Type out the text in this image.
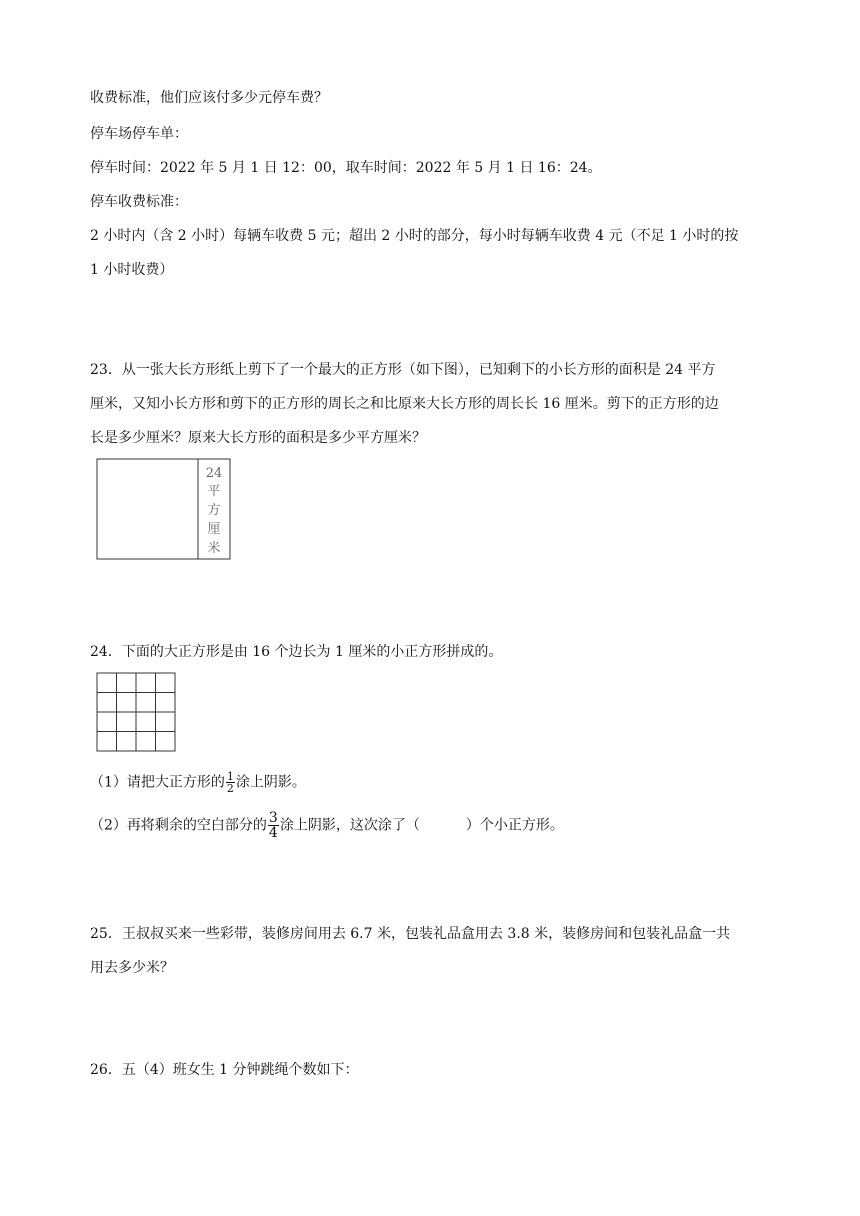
收费标准，他们应该付多少元停车费？
停车场停车单：
停车时间：2022 年 5 月 1 日 12：00，取车时间：2022 年 5 月 1 日 16：24。
停车收费标准：
2 小时内（含 2 小时）每辆车收费 5 元；超出 2 小时的部分，每小时每辆车收费 4 元（不足 1 小时的按
1 小时收费）
23．从一张大长方形纸上剪下了一个最大的正方形（如下图），已知剩下的小长方形的面积是 24 平方
厘米，又知小长方形和剪下的正方形的周长之和比原来大长方形的周长长 16 厘米。剪下的正方形的边
长是多少厘米？原来大长方形的面积是多少平方厘米？
24
平
方
厘
米
24．下面的大正方形是由 16 个边长为 1 厘米的小正方形拼成的。
（1）请把大正方形的 $\frac{1}{2}$ 涂上阴影。
（2）再将剩余的空白部分的 $\frac{3}{4}$ 涂上阴影，这次涂了（	）个小正方形。
25．王叔叔买来一些彩带，装修房间用去 6.7 米，包装礼品盒用去 3.8 米，装修房间和包装礼品盒一共
用去多少米？
26．五（4）班女生 1 分钟跳绳个数如下：
